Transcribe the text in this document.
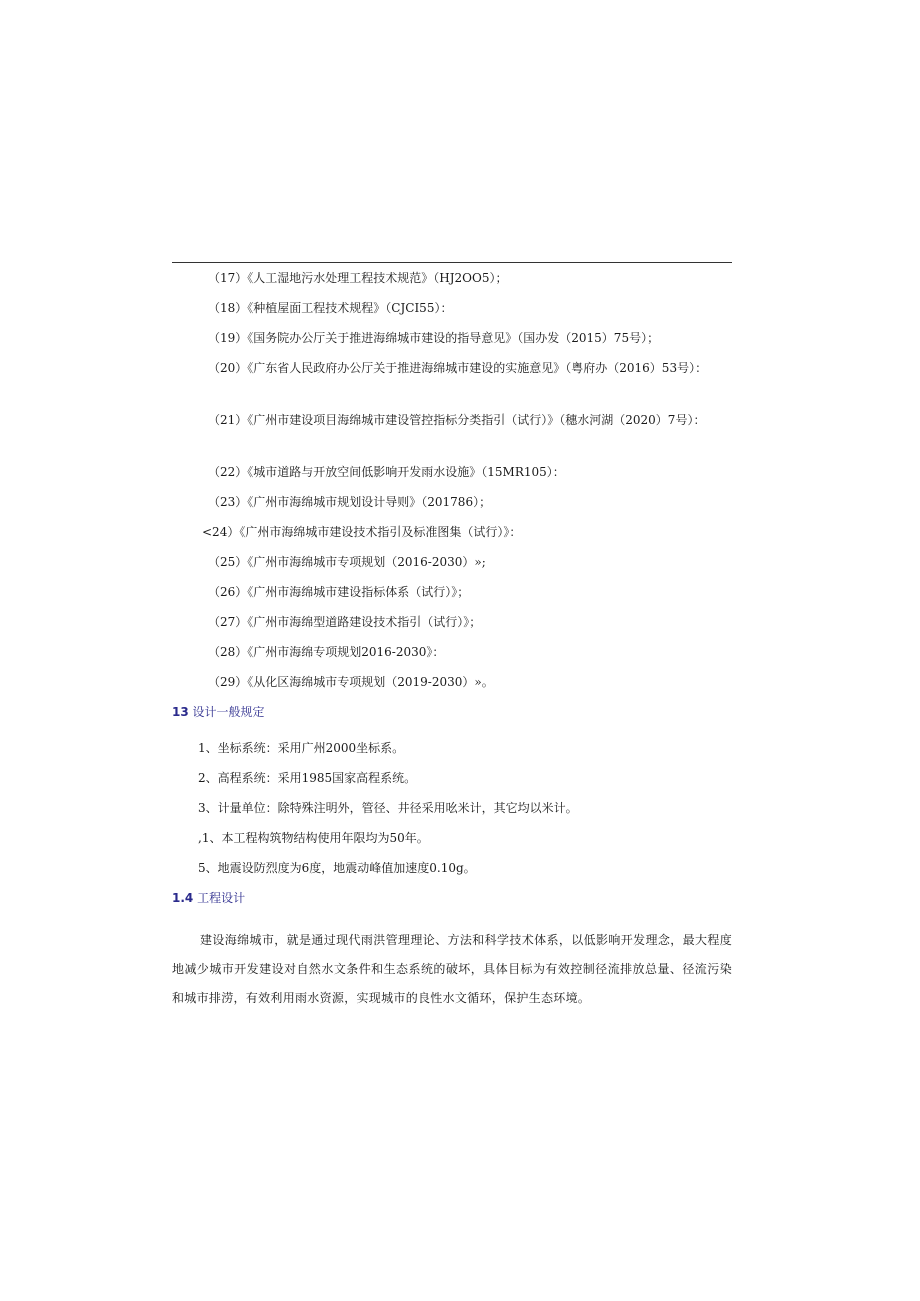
（17）《人工湿地污水处理工程技术规范》（HJ2OO5）；

（18）《种植屋面工程技术规程》（CJCI55）：

（19）《国务院办公厅关于推进海绵城市建设的指导意见》（国办发（2015）75号）；

（20）《广东省人民政府办公厅关于推进海绵城市建设的实施意见》（粤府办（2016）53号）：

（21）《广州市建设项目海绵城市建设管控指标分类指引（试行）》（穗水河湖（2020）7号）：

（22）《城市道路与开放空间低影响开发雨水设施》（15MR105）：

（23）《广州市海绵城市规划设计导则》（201786）；

<24）《广州市海绵城市建设技术指引及标准图集（试行）》：

（25）《广州市海绵城市专项规划（2016-2030）»;

（26）《广州市海绵城市建设指标体系（试行）》；

（27）《广州市海绵型道路建设技术指引（试行）》；

（28）《广州市海绵专项规划2016-2030》：

（29）《从化区海绵城市专项规划（2019-2030）»。

13 设计一般规定

1、坐标系统：采用广州2000坐标系。

2、高程系统：采用1985国家高程系统。

3、计量单位：除特殊注明外，管径、井径采用吆米计，其它均以米计。

,1、本工程构筑物结构使用年限均为50年。

5、地震设防烈度为6度，地震动峰值加速度0.10g。

1.4 工程设计

建设海绵城市，就是通过现代雨洪管理理论、方法和科学技术体系，以低影响开发理念，最大程度地减少城市开发建设对自然水文条件和生态系统的破坏，具体目标为有效控制径流排放总量、径流污染和城市排涝，有效利用雨水资源，实现城市的良性水文循环，保护生态环境。
